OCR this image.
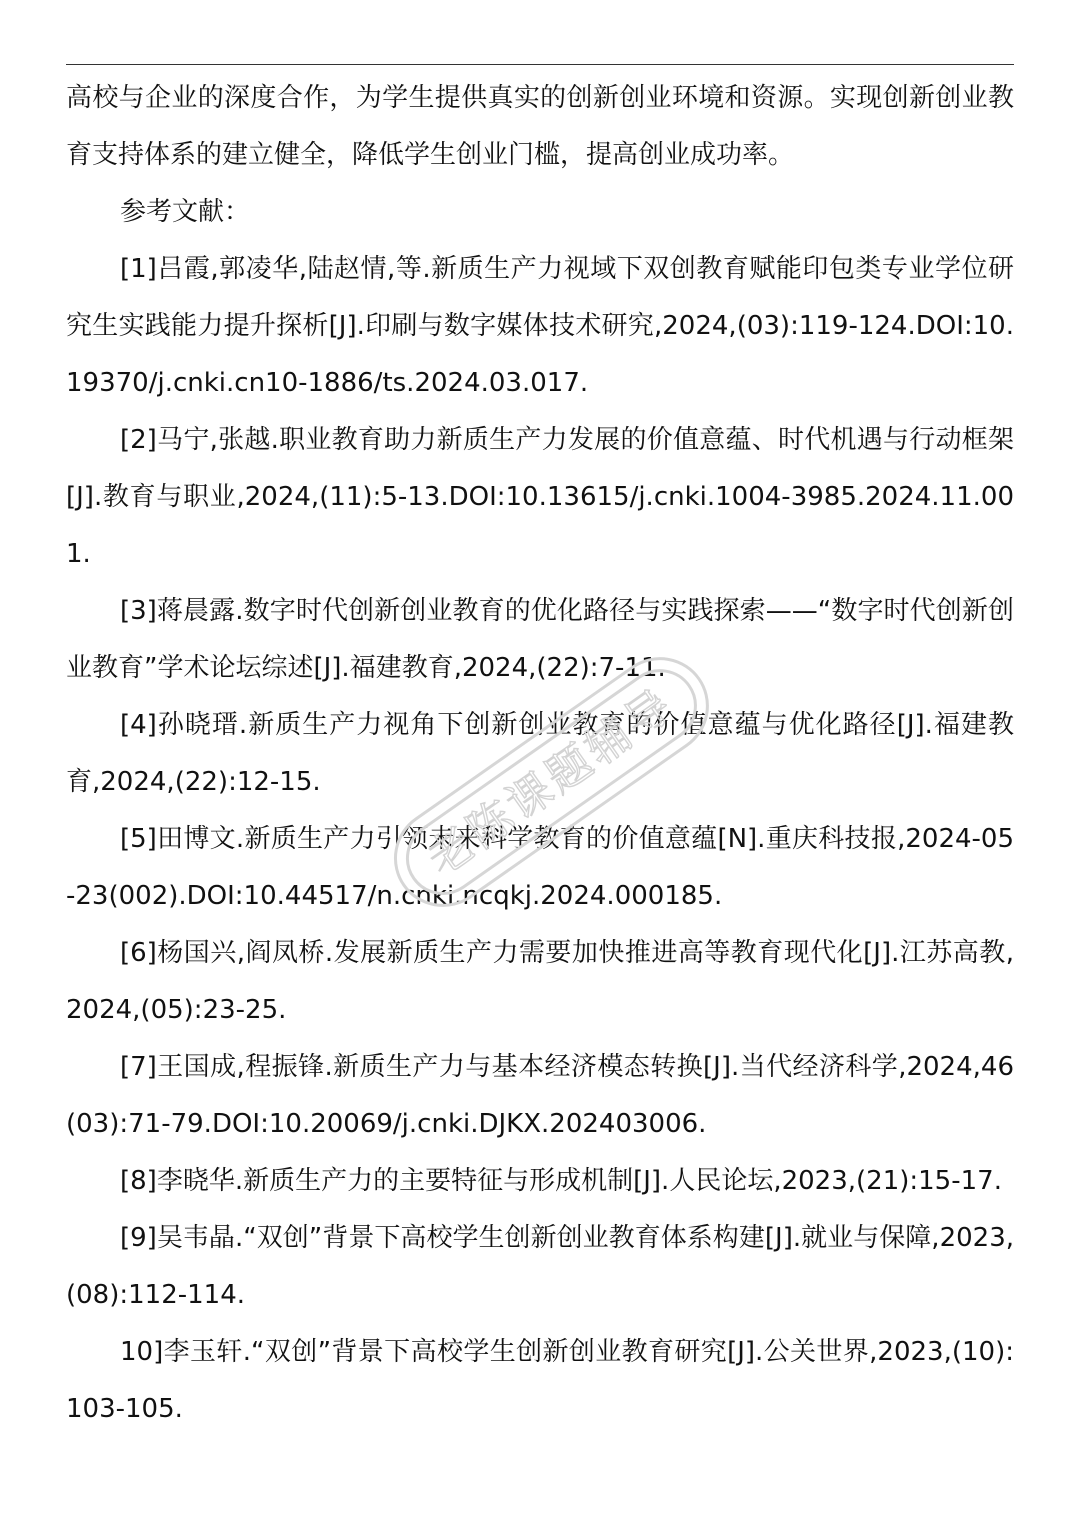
高校与企业的深度合作，为学生提供真实的创新创业环境和资源。实现创新创业教育支持体系的建立健全，降低学生创业门槛，提高创业成功率。

参考文献：

[1]吕霞,郭凌华,陆赵情,等.新质生产力视域下双创教育赋能印包类专业学位研究生实践能力提升探析[J].印刷与数字媒体技术研究,2024,(03):119-124.DOI:10.19370/j.cnki.cn10-1886/ts.2024.03.017.

[2]马宁,张越.职业教育助力新质生产力发展的价值意蕴、时代机遇与行动框架[J].教育与职业,2024,(11):5-13.DOI:10.13615/j.cnki.1004-3985.2024.11.001.

[3]蒋晨露.数字时代创新创业教育的优化路径与实践探索——“数字时代创新创业教育”学术论坛综述[J].福建教育,2024,(22):7-11.

[4]孙晓瑨.新质生产力视角下创新创业教育的价值意蕴与优化路径[J].福建教育,2024,(22):12-15.

[5]田博文.新质生产力引领未来科学教育的价值意蕴[N].重庆科技报,2024-05-23(002).DOI:10.44517/n.cnki.ncqkj.2024.000185.

[6]杨国兴,阎凤桥.发展新质生产力需要加快推进高等教育现代化[J].江苏高教,2024,(05):23-25.

[7]王国成,程振锋.新质生产力与基本经济模态转换[J].当代经济科学,2024,46(03):71-79.DOI:10.20069/j.cnki.DJKX.202403006.

[8]李晓华.新质生产力的主要特征与形成机制[J].人民论坛,2023,(21):15-17.

[9]吴韦晶.“双创”背景下高校学生创新创业教育体系构建[J].就业与保障,2023,(08):112-114.

10]李玉轩.“双创”背景下高校学生创新创业教育研究[J].公关世界,2023,(10):103-105.

老陈课题辅导
